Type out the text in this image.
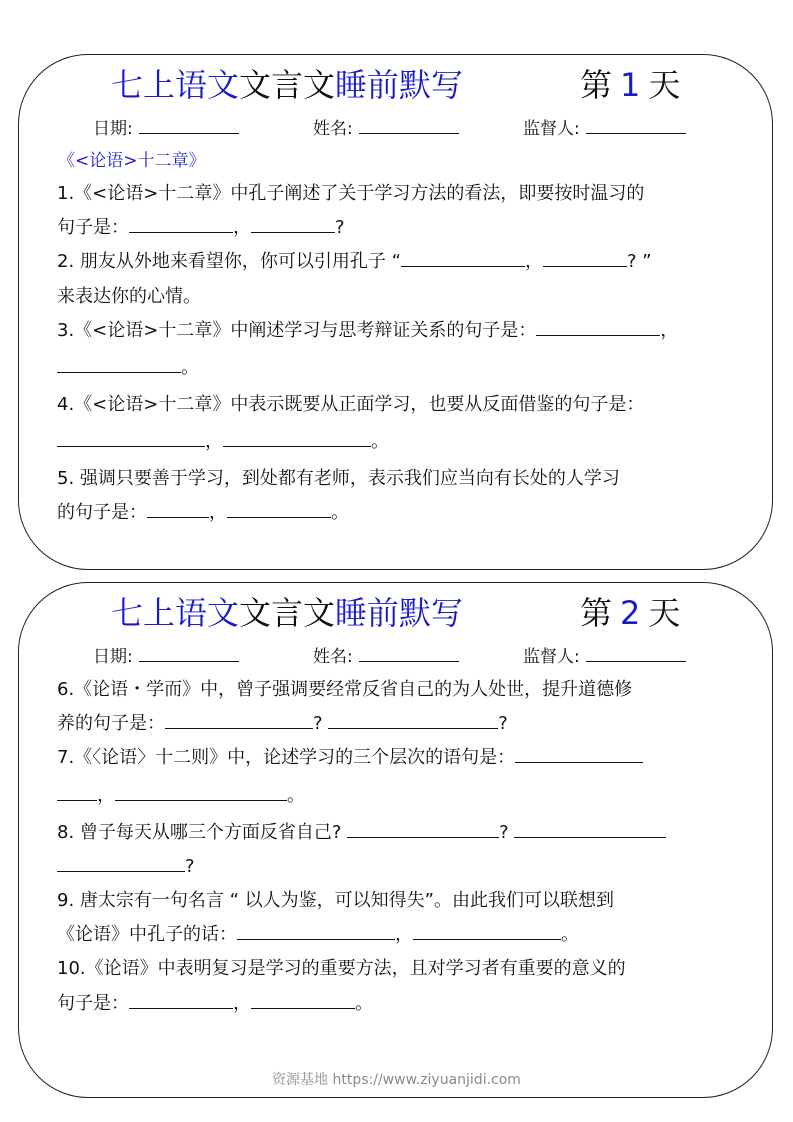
七上语文文言文睡前默写	第 1 天
日期:	姓名:	监督人:
《<论语>十二章》
1.《<论语>十二章》中孔子阐述了关于学习方法的看法，即要按时温习的
句子是：	，	?
2. 朋友从外地来看望你，你可以引用孔子 “	，	? ”
来表达你的心情。
3.《<论语>十二章》中阐述学习与思考辩证关系的句子是：	，
。
4.《<论语>十二章》中表示既要从正面学习，也要从反面借鉴的句子是：
，	。
5. 强调只要善于学习，到处都有老师，表示我们应当向有长处的人学习
的句子是：	，	。
七上语文文言文睡前默写	第 2 天
日期:	姓名:	监督人:
6.《论语・学而》中，曾子强调要经常反省自己的为人处世，提升道德修
养的句子是：	?	?
7.《〈论语〉十二则》中，论述学习的三个层次的语句是：
，	。
8. 曾子每天从哪三个方面反省自己?	?
?
9. 唐太宗有一句名言 “ 以人为鉴，可以知得失”。由此我们可以联想到
《论语》中孔子的话：	，	。
10.《论语》中表明复习是学习的重要方法，且对学习者有重要的意义的
句子是：	，	。
资源基地 https://www.ziyuanjidi.com
